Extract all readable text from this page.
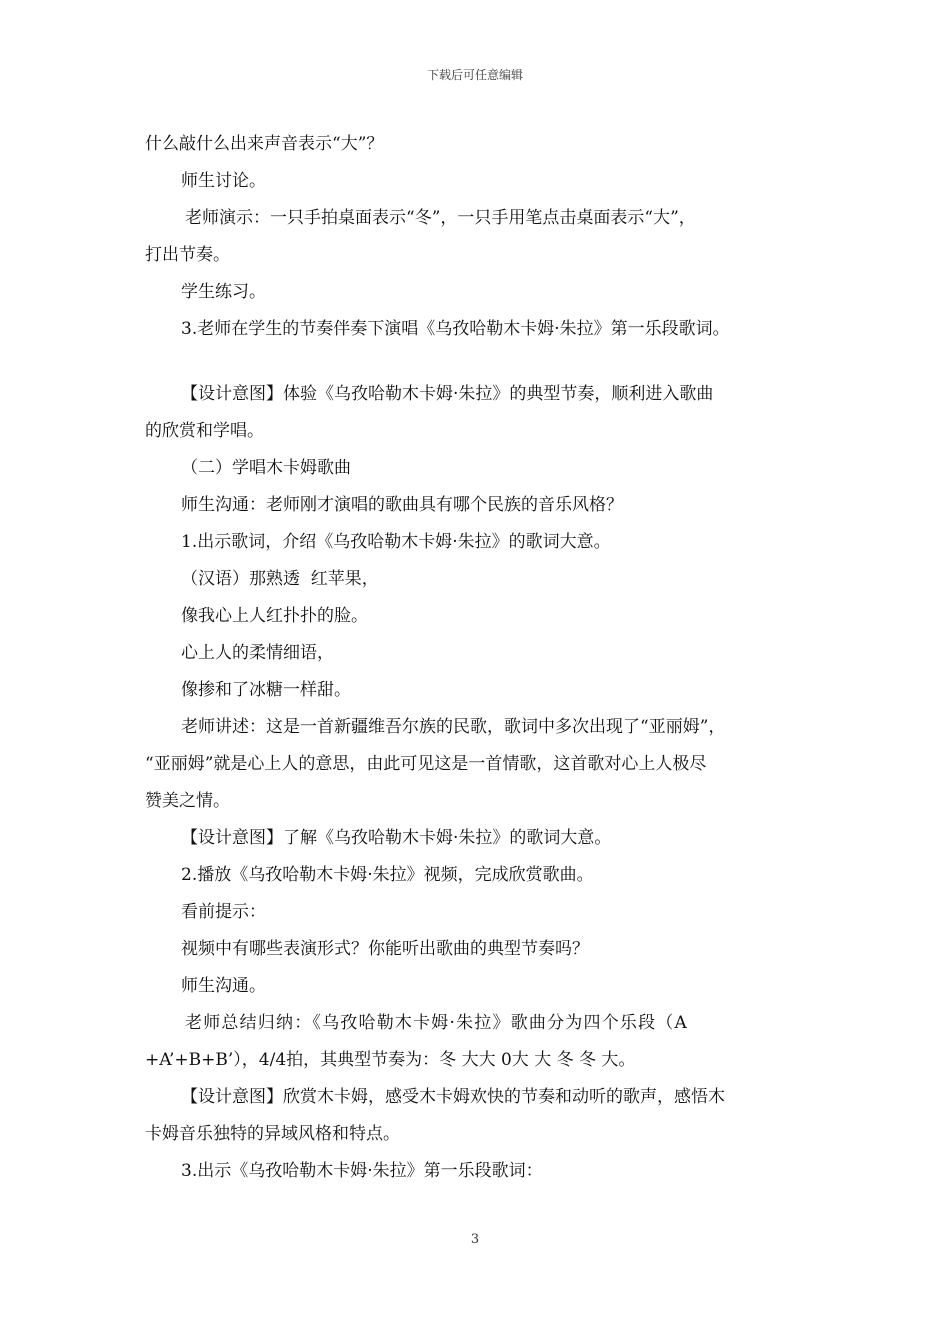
下载后可任意编辑

什么敲什么出来声音表示“大”？

师生讨论。

老师演示：一只手拍桌面表示“冬”，一只手用笔点击桌面表示“大”，

打出节奏。

学生练习。

3.老师在学生的节奏伴奏下演唱《乌孜哈勒木卡姆·朱拉》第一乐段歌词。

【设计意图】体验《乌孜哈勒木卡姆·朱拉》的典型节奏，顺利进入歌曲

的欣赏和学唱。

（二）学唱木卡姆歌曲

师生沟通：老师刚才演唱的歌曲具有哪个民族的音乐风格？

1.出示歌词，介绍《乌孜哈勒木卡姆·朱拉》的歌词大意。

（汉语）那熟透  红苹果，

像我心上人红扑扑的脸。

心上人的柔情细语，

像掺和了冰糖一样甜。

老师讲述：这是一首新疆维吾尔族的民歌，歌词中多次出现了“亚丽姆”，

“亚丽姆”就是心上人的意思，由此可见这是一首情歌，这首歌对心上人极尽

赞美之情。

【设计意图】了解《乌孜哈勒木卡姆·朱拉》的歌词大意。

2.播放《乌孜哈勒木卡姆·朱拉》视频，完成欣赏歌曲。

看前提示：

视频中有哪些表演形式？你能听出歌曲的典型节奏吗？

师生沟通。

老师总结归纳：《乌孜哈勒木卡姆·朱拉》歌曲分为四个乐段（A

+A’+B+B’），4/4拍，其典型节奏为：冬 大大 0大 大 冬 冬 大。

【设计意图】欣赏木卡姆，感受木卡姆欢快的节奏和动听的歌声，感悟木

卡姆音乐独特的异域风格和特点。

3.出示《乌孜哈勒木卡姆·朱拉》第一乐段歌词：

3
